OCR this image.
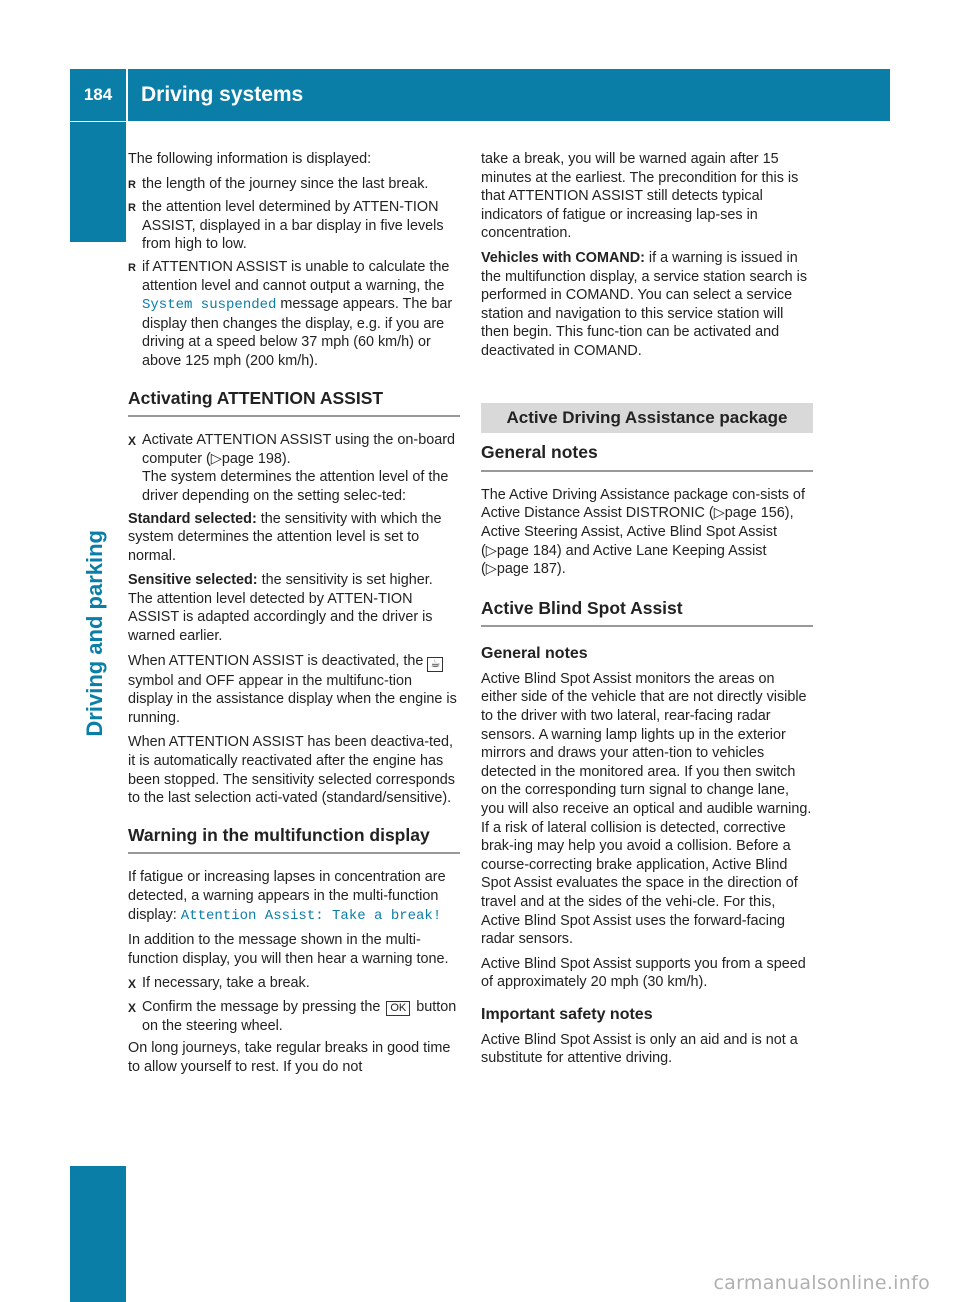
184	Driving systems
Driving and parking

The following information is displayed:

R the length of the journey since the last break.
R the attention level determined by ATTEN-TION ASSIST, displayed in a bar display in five levels from high to low.
R if ATTENTION ASSIST is unable to calculate the attention level and cannot output a warning, the System suspended message appears. The bar display then changes the display, e.g. if you are driving at a speed below 37 mph (60 km/h) or above 125 mph (200 km/h).
Activating ATTENTION ASSIST
X Activate ATTENTION ASSIST using the on-board computer (▷page 198).
The system determines the attention level of the driver depending on the setting selec-ted:

Standard selected: the sensitivity with which the system determines the attention level is set to normal.

Sensitive selected: the sensitivity is set higher. The attention level detected by ATTEN-TION ASSIST is adapted accordingly and the driver is warned earlier.

When ATTENTION ASSIST is deactivated, the ☕ symbol and OFF appear in the multifunc-tion display in the assistance display when the engine is running.

When ATTENTION ASSIST has been deactiva-ted, it is automatically reactivated after the engine has been stopped. The sensitivity selected corresponds to the last selection acti-vated (standard/sensitive).

Warning in the multifunction display

If fatigue or increasing lapses in concentration are detected, a warning appears in the multi-function display: Attention Assist: Take a break!

In addition to the message shown in the multi-function display, you will then hear a warning tone.

X If necessary, take a break.
X Confirm the message by pressing the OK button on the steering wheel.

On long journeys, take regular breaks in good time to allow yourself to rest. If you do not

take a break, you will be warned again after 15 minutes at the earliest. The precondition for this is that ATTENTION ASSIST still detects typical indicators of fatigue or increasing lap-ses in concentration.

Vehicles with COMAND: if a warning is issued in the multifunction display, a service station search is performed in COMAND. You can select a service station and navigation to this service station will then begin. This func-tion can be activated and deactivated in COMAND.

Active Driving Assistance package
General notes

The Active Driving Assistance package con-sists of Active Distance Assist DISTRONIC (▷page 156), Active Steering Assist, Active Blind Spot Assist (▷page 184) and Active Lane Keeping Assist (▷page 187).

Active Blind Spot Assist
General notes

Active Blind Spot Assist monitors the areas on either side of the vehicle that are not directly visible to the driver with two lateral, rear-facing radar sensors. A warning lamp lights up in the exterior mirrors and draws your atten-tion to vehicles detected in the monitored area. If you then switch on the corresponding turn signal to change lane, you will also receive an optical and audible warning. If a risk of lateral collision is detected, corrective brak-ing may help you avoid a collision. Before a course-correcting brake application, Active Blind Spot Assist evaluates the space in the direction of travel and at the sides of the vehi-cle. For this, Active Blind Spot Assist uses the forward-facing radar sensors.

Active Blind Spot Assist supports you from a speed of approximately 20 mph (30 km/h).

Important safety notes

Active Blind Spot Assist is only an aid and is not a substitute for attentive driving.

carmanualsonline.info
